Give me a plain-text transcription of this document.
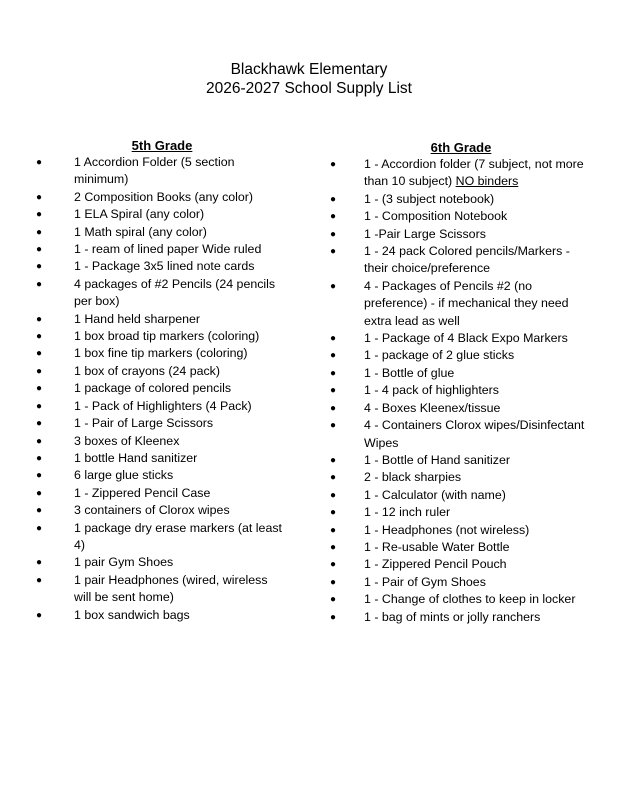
Blackhawk Elementary
2026-2027 School Supply List
5th Grade
● 1 Accordion Folder (5 section minimum)
● 2 Composition Books (any color)
● 1 ELA Spiral (any color)
● 1 Math spiral (any color)
● 1 - ream of lined paper Wide ruled
● 1 - Package 3x5 lined note cards
● 4 packages of #2 Pencils (24 pencils per box)
● 1 Hand held sharpener
● 1 box broad tip markers (coloring)
● 1 box fine tip markers (coloring)
● 1 box of crayons (24 pack)
● 1 package of colored pencils
● 1 - Pack of Highlighters (4 Pack)
● 1 - Pair of Large Scissors
● 3 boxes of Kleenex
● 1 bottle Hand sanitizer
● 6 large glue sticks
● 1 - Zippered Pencil Case
● 3 containers of Clorox wipes
● 1 package dry erase markers (at least 4)
● 1 pair Gym Shoes
● 1 pair Headphones (wired, wireless will be sent home)
● 1 box sandwich bags
6th Grade
● 1 - Accordion folder (7 subject, not more than 10 subject) NO binders
● 1 - (3 subject notebook)
● 1 - Composition Notebook
● 1 -Pair Large Scissors
● 1 - 24 pack Colored pencils/Markers - their choice/preference
● 4 - Packages of Pencils #2 (no preference) - if mechanical they need extra lead as well
● 1 - Package of 4 Black Expo Markers
● 1 - package of 2 glue sticks
● 1 - Bottle of glue
● 1 - 4 pack of highlighters
● 4 - Boxes Kleenex/tissue
● 4 - Containers Clorox wipes/Disinfectant Wipes
● 1 - Bottle of Hand sanitizer
● 2 - black sharpies
● 1 - Calculator (with name)
● 1 - 12 inch ruler
● 1 - Headphones (not wireless)
● 1 - Re-usable Water Bottle
● 1 - Zippered Pencil Pouch
● 1 - Pair of Gym Shoes
● 1 - Change of clothes to keep in locker
● 1 - bag of mints or jolly ranchers
